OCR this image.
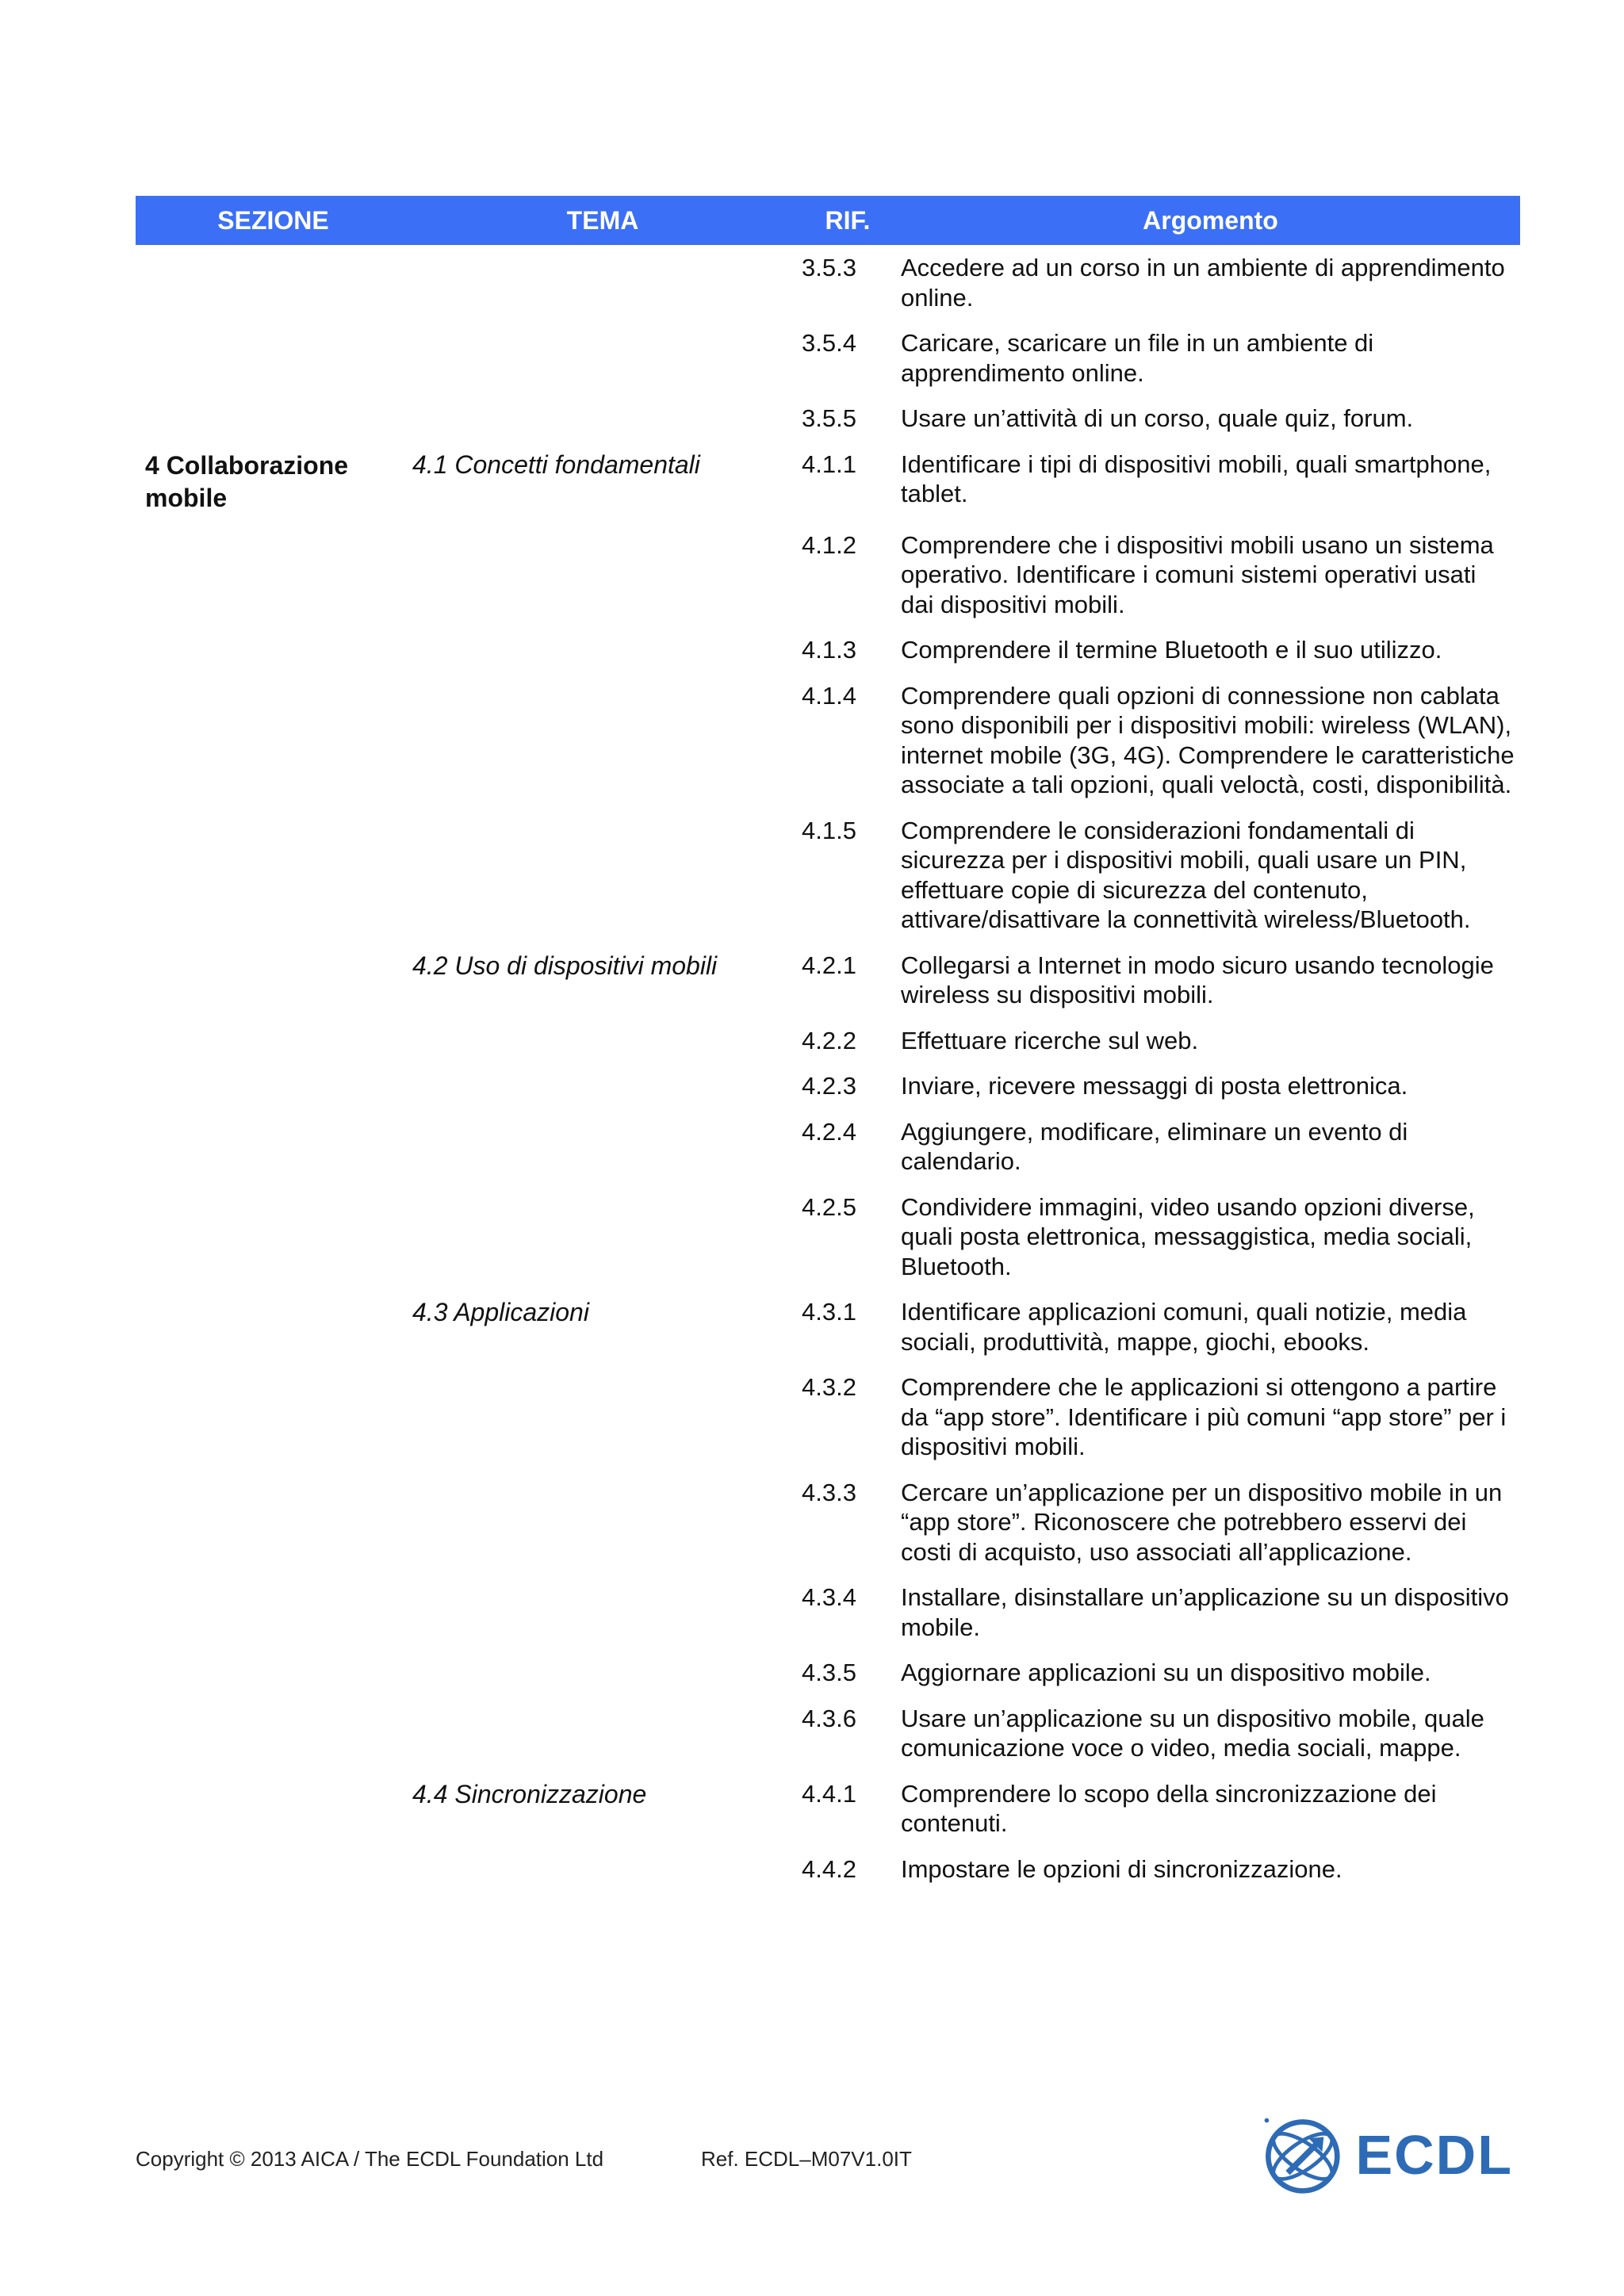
SEZIONE	TEMA	RIF.	Argomento
		3.5.3	Accedere ad un corso in un ambiente di apprendimento online.
		3.5.4	Caricare, scaricare un file in un ambiente di apprendimento online.
		3.5.5	Usare un’attività di un corso, quale quiz, forum.
4 Collaborazione mobile	4.1 Concetti fondamentali	4.1.1	Identificare i tipi di dispositivi mobili, quali smartphone, tablet.
		4.1.2	Comprendere che i dispositivi mobili usano un sistema operativo. Identificare i comuni sistemi operativi usati dai dispositivi mobili.
		4.1.3	Comprendere il termine Bluetooth e il suo utilizzo.
		4.1.4	Comprendere quali opzioni di connessione non cablata sono disponibili per i dispositivi mobili: wireless (WLAN), internet mobile (3G, 4G). Comprendere le caratteristiche associate a tali opzioni, quali veloctà, costi, disponibilità.
		4.1.5	Comprendere le considerazioni fondamentali di sicurezza per i dispositivi mobili, quali usare un PIN, effettuare copie di sicurezza del contenuto, attivare/disattivare la connettività wireless/Bluetooth.
	4.2 Uso di dispositivi mobili	4.2.1	Collegarsi a Internet in modo sicuro usando tecnologie wireless su dispositivi mobili.
		4.2.2	Effettuare ricerche sul web.
		4.2.3	Inviare, ricevere messaggi di posta elettronica.
		4.2.4	Aggiungere, modificare, eliminare un evento di calendario.
		4.2.5	Condividere immagini, video usando opzioni diverse, quali posta elettronica, messaggistica, media sociali, Bluetooth.
	4.3 Applicazioni	4.3.1	Identificare applicazioni comuni, quali notizie, media sociali, produttività, mappe, giochi, ebooks.
		4.3.2	Comprendere che le applicazioni si ottengono a partire da “app store”. Identificare i più comuni “app store” per i dispositivi mobili.
		4.3.3	Cercare un’applicazione per un dispositivo mobile in un “app store”. Riconoscere che potrebbero esservi dei costi di acquisto, uso associati all’applicazione.
		4.3.4	Installare, disinstallare un’applicazione su un dispositivo mobile.
		4.3.5	Aggiornare applicazioni su un dispositivo mobile.
		4.3.6	Usare un’applicazione su un dispositivo mobile, quale comunicazione voce o video, media sociali, mappe.
	4.4 Sincronizzazione	4.4.1	Comprendere lo scopo della sincronizzazione dei contenuti.
		4.4.2	Impostare le opzioni di sincronizzazione.
Copyright © 2013 AICA / The ECDL Foundation Ltd	Ref. ECDL–M07V1.0IT	ECDL
